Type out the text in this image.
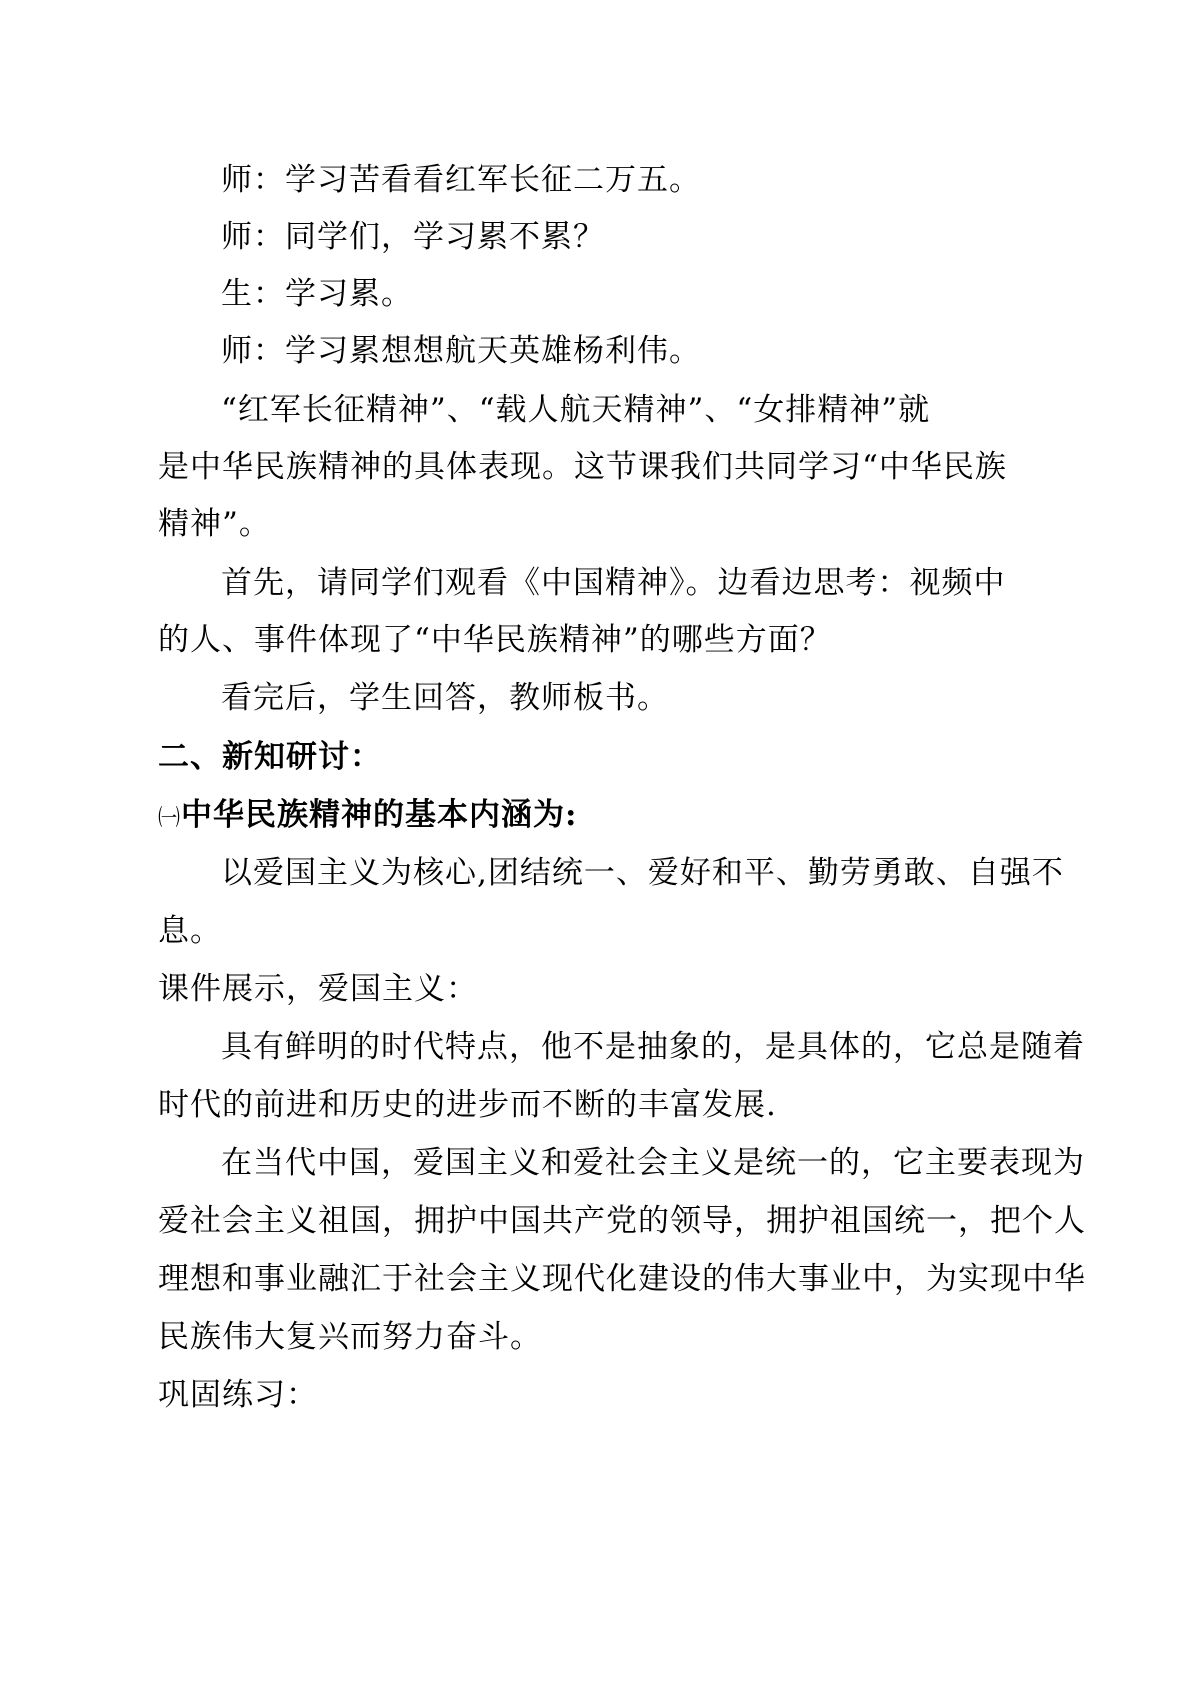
师：学习苦看看红军长征二万五。
师：同学们，学习累不累？
生：学习累。
师：学习累想想航天英雄杨利伟。
“红军长征精神”、“载人航天精神”、“女排精神”就
是中华民族精神的具体表现。这节课我们共同学习“中华民族
精神”。
首先，请同学们观看《中国精神》。边看边思考：视频中
的人、事件体现了“中华民族精神”的哪些方面？
看完后，学生回答，教师板书。
二、新知研讨：
㈠中华民族精神的基本内涵为:
以爱国主义为核心,团结统一、爱好和平、勤劳勇敢、自强不
息。
课件展示，爱国主义：
具有鲜明的时代特点，他不是抽象的，是具体的，它总是随着
时代的前进和历史的进步而不断的丰富发展.
在当代中国，爱国主义和爱社会主义是统一的，它主要表现为
爱社会主义祖国，拥护中国共产党的领导，拥护祖国统一，把个人
理想和事业融汇于社会主义现代化建设的伟大事业中，为实现中华
民族伟大复兴而努力奋斗。
巩固练习：
